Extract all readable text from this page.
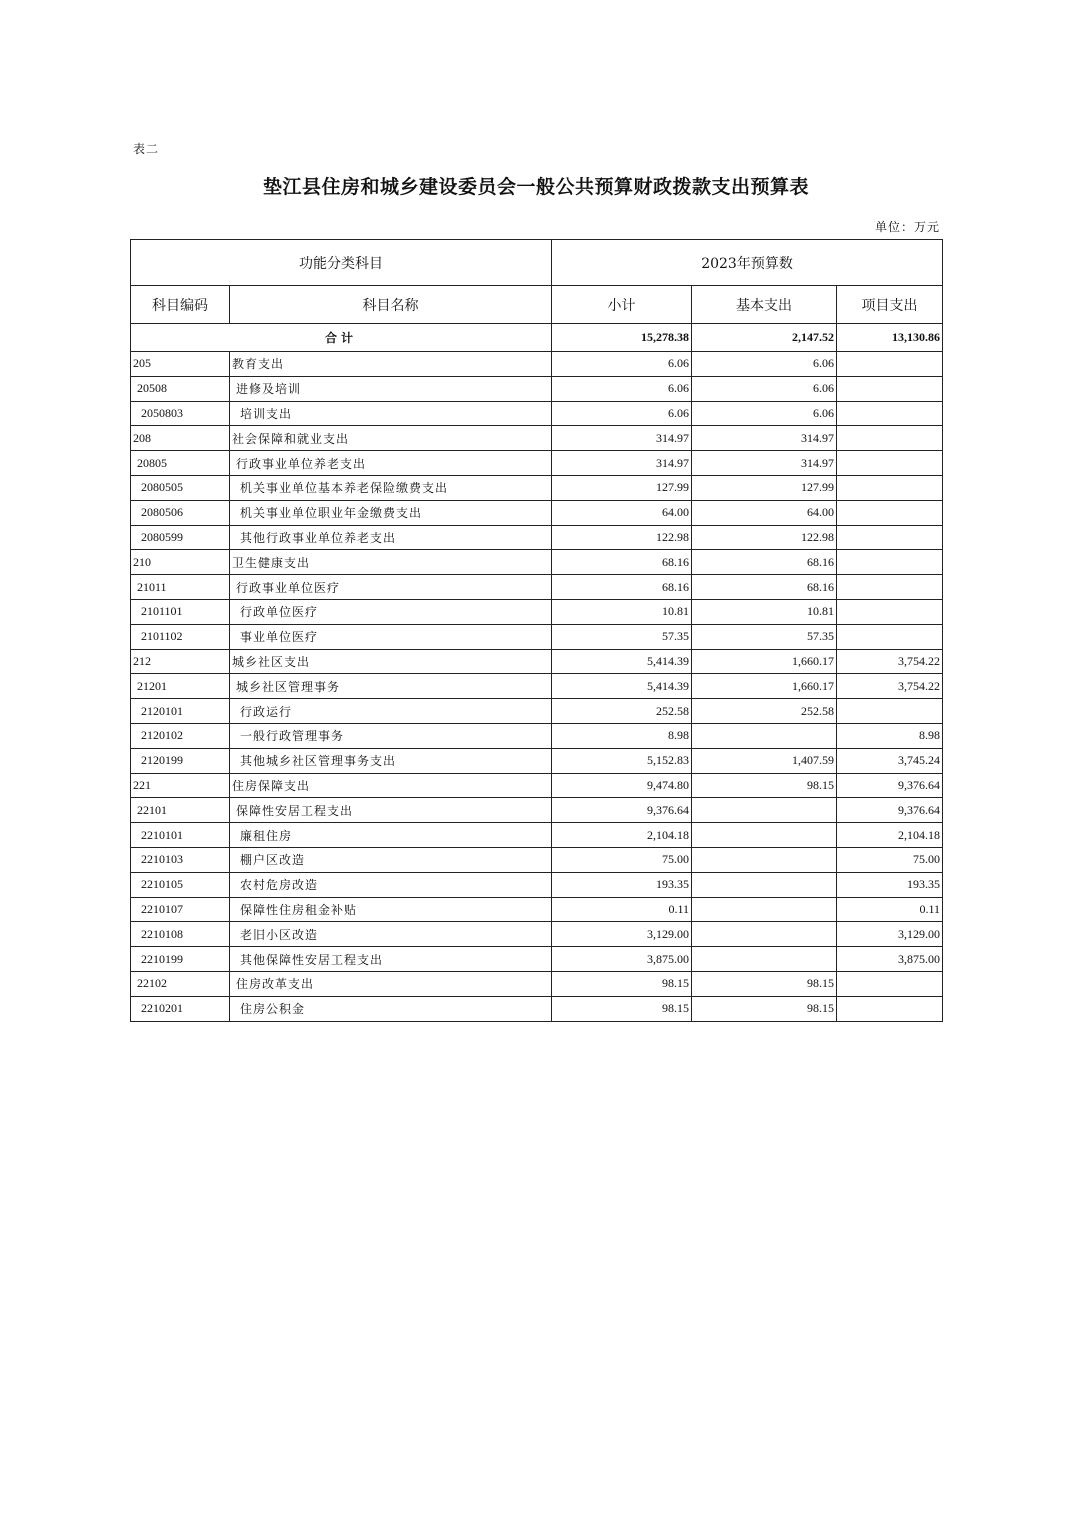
表二
垫江县住房和城乡建设委员会一般公共预算财政拨款支出预算表
单位：万元
功能分类科目		2023年预算数		
科目编码	科目名称	小计	基本支出	项目支出
合计		15,278.38	2,147.52	13,130.86
205	教育支出	6.06	6.06	
20508	进修及培训	6.06	6.06	
2050803	培训支出	6.06	6.06	
208	社会保障和就业支出	314.97	314.97	
20805	行政事业单位养老支出	314.97	314.97	
2080505	机关事业单位基本养老保险缴费支出	127.99	127.99	
2080506	机关事业单位职业年金缴费支出	64.00	64.00	
2080599	其他行政事业单位养老支出	122.98	122.98	
210	卫生健康支出	68.16	68.16	
21011	行政事业单位医疗	68.16	68.16	
2101101	行政单位医疗	10.81	10.81	
2101102	事业单位医疗	57.35	57.35	
212	城乡社区支出	5,414.39	1,660.17	3,754.22
21201	城乡社区管理事务	5,414.39	1,660.17	3,754.22
2120101	行政运行	252.58	252.58	
2120102	一般行政管理事务	8.98		8.98
2120199	其他城乡社区管理事务支出	5,152.83	1,407.59	3,745.24
221	住房保障支出	9,474.80	98.15	9,376.64
22101	保障性安居工程支出	9,376.64		9,376.64
2210101	廉租住房	2,104.18		2,104.18
2210103	棚户区改造	75.00		75.00
2210105	农村危房改造	193.35		193.35
2210107	保障性住房租金补贴	0.11		0.11
2210108	老旧小区改造	3,129.00		3,129.00
2210199	其他保障性安居工程支出	3,875.00		3,875.00
22102	住房改革支出	98.15	98.15	
2210201	住房公积金	98.15	98.15	
